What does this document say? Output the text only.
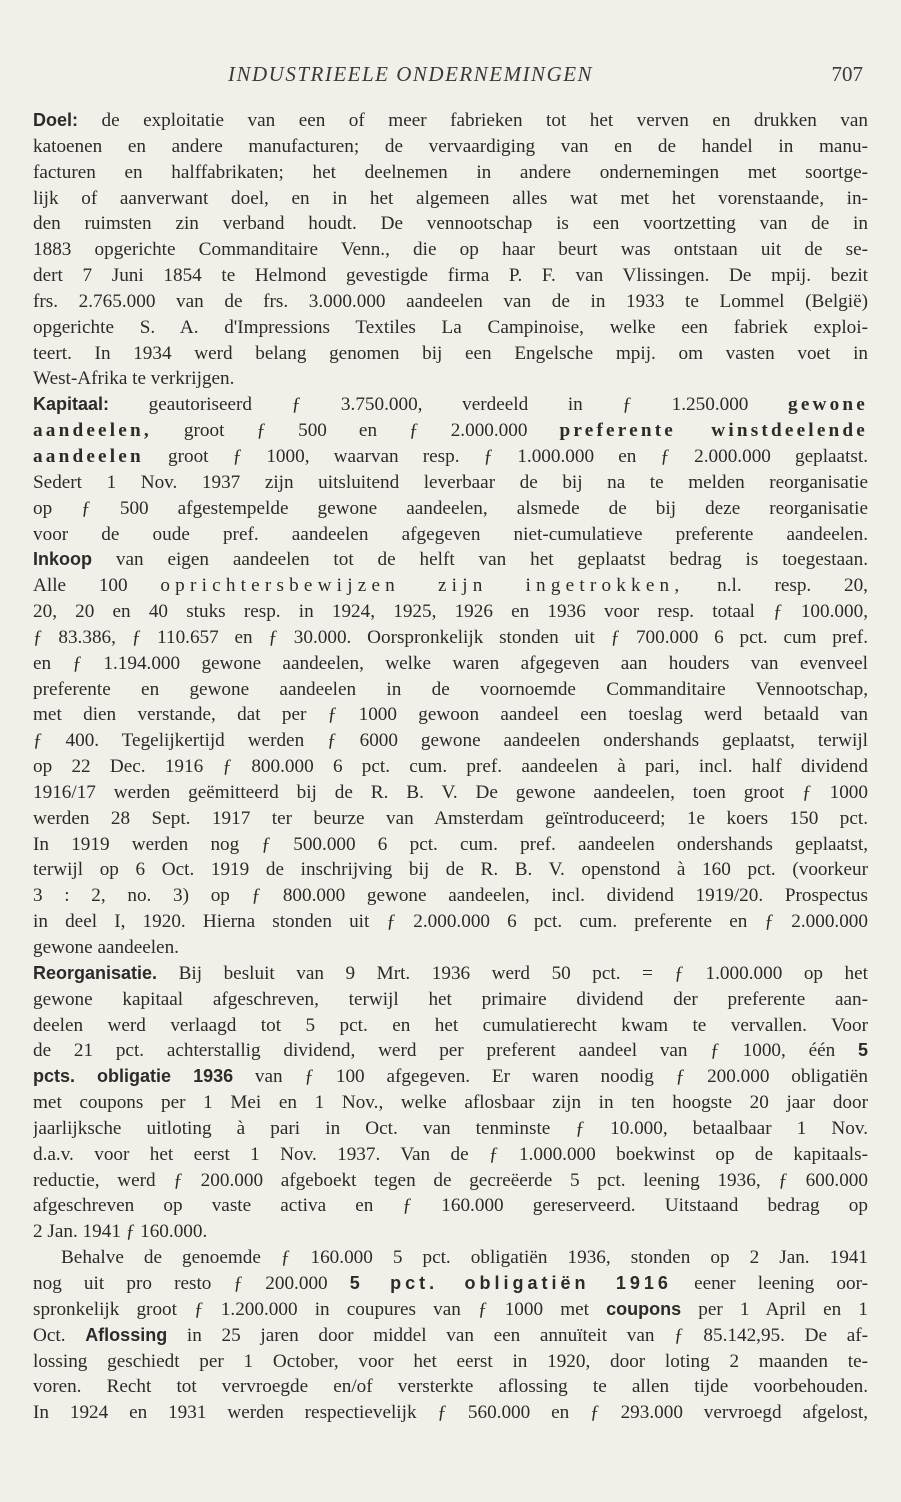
INDUSTRIEELE ONDERNEMINGEN	707
Doel: de exploitatie van een of meer fabrieken tot het verven en drukken van
katoenen en andere manufacturen; de vervaardiging van en de handel in manu-
facturen en halffabrikaten; het deelnemen in andere ondernemingen met soortge-
lijk of aanverwant doel, en in het algemeen alles wat met het vorenstaande, in-
den ruimsten zin verband houdt. De vennootschap is een voortzetting van de in
1883 opgerichte Commanditaire Venn., die op haar beurt was ontstaan uit de se-
dert 7 Juni 1854 te Helmond gevestigde firma P. F. van Vlissingen. De mpij. bezit
frs. 2.765.000 van de frs. 3.000.000 aandeelen van de in 1933 te Lommel (België)
opgerichte S. A. d'Impressions Textiles La Campinoise, welke een fabriek exploi-
teert. In 1934 werd belang genomen bij een Engelsche mpij. om vasten voet in
West-Afrika te verkrijgen.
Kapitaal: geautoriseerd ƒ 3.750.000, verdeeld in ƒ 1.250.000 gewone
aandeelen, groot ƒ 500 en ƒ 2.000.000 preferente winstdeelende
aandeelen groot ƒ 1000, waarvan resp. ƒ 1.000.000 en ƒ 2.000.000 geplaatst.
Sedert 1 Nov. 1937 zijn uitsluitend leverbaar de bij na te melden reorganisatie
op ƒ 500 afgestempelde gewone aandeelen, alsmede de bij deze reorganisatie
voor de oude pref. aandeelen afgegeven niet-cumulatieve preferente aandeelen.
Inkoop van eigen aandeelen tot de helft van het geplaatst bedrag is toegestaan.
Alle 100 oprichtersbewijzen zijn ingetrokken, n.l. resp. 20,
20, 20 en 40 stuks resp. in 1924, 1925, 1926 en 1936 voor resp. totaal ƒ 100.000,
ƒ 83.386, ƒ 110.657 en ƒ 30.000. Oorspronkelijk stonden uit ƒ 700.000 6 pct. cum pref.
en ƒ 1.194.000 gewone aandeelen, welke waren afgegeven aan houders van evenveel
preferente en gewone aandeelen in de voornoemde Commanditaire Vennootschap,
met dien verstande, dat per ƒ 1000 gewoon aandeel een toeslag werd betaald van
ƒ 400. Tegelijkertijd werden ƒ 6000 gewone aandeelen ondershands geplaatst, terwijl
op 22 Dec. 1916 ƒ 800.000 6 pct. cum. pref. aandeelen à pari, incl. half dividend
1916/17 werden geëmitteerd bij de R. B. V. De gewone aandeelen, toen groot ƒ 1000
werden 28 Sept. 1917 ter beurze van Amsterdam geïntroduceerd; 1e koers 150 pct.
In 1919 werden nog ƒ 500.000 6 pct. cum. pref. aandeelen ondershands geplaatst,
terwijl op 6 Oct. 1919 de inschrijving bij de R. B. V. openstond à 160 pct. (voorkeur
3 : 2, no. 3) op ƒ 800.000 gewone aandeelen, incl. dividend 1919/20. Prospectus
in deel I, 1920. Hierna stonden uit ƒ 2.000.000 6 pct. cum. preferente en ƒ 2.000.000
gewone aandeelen.
Reorganisatie. Bij besluit van 9 Mrt. 1936 werd 50 pct. = ƒ 1.000.000 op het
gewone kapitaal afgeschreven, terwijl het primaire dividend der preferente aan-
deelen werd verlaagd tot 5 pct. en het cumulatierecht kwam te vervallen. Voor
de 21 pct. achterstallig dividend, werd per preferent aandeel van ƒ 1000, één 5
pcts. obligatie 1936 van ƒ 100 afgegeven. Er waren noodig ƒ 200.000 obligatiën
met coupons per 1 Mei en 1 Nov., welke aflosbaar zijn in ten hoogste 20 jaar door
jaarlijksche uitloting à pari in Oct. van tenminste ƒ 10.000, betaalbaar 1 Nov.
d.a.v. voor het eerst 1 Nov. 1937. Van de ƒ 1.000.000 boekwinst op de kapitaals-
reductie, werd ƒ 200.000 afgeboekt tegen de gecreëerde 5 pct. leening 1936, ƒ 600.000
afgeschreven op vaste activa en ƒ 160.000 gereserveerd. Uitstaand bedrag op
2 Jan. 1941 ƒ 160.000.
Behalve de genoemde ƒ 160.000 5 pct. obligatiën 1936, stonden op 2 Jan. 1941
nog uit pro resto ƒ 200.000 5 pct. obligatiën 1916 eener leening oor-
spronkelijk groot ƒ 1.200.000 in coupures van ƒ 1000 met coupons per 1 April en 1
Oct. Aflossing in 25 jaren door middel van een annuïteit van ƒ 85.142,95. De af-
lossing geschiedt per 1 October, voor het eerst in 1920, door loting 2 maanden te-
voren. Recht tot vervroegde en/of versterkte aflossing te allen tijde voorbehouden.
In 1924 en 1931 werden respectievelijk ƒ 560.000 en ƒ 293.000 vervroegd afgelost,
